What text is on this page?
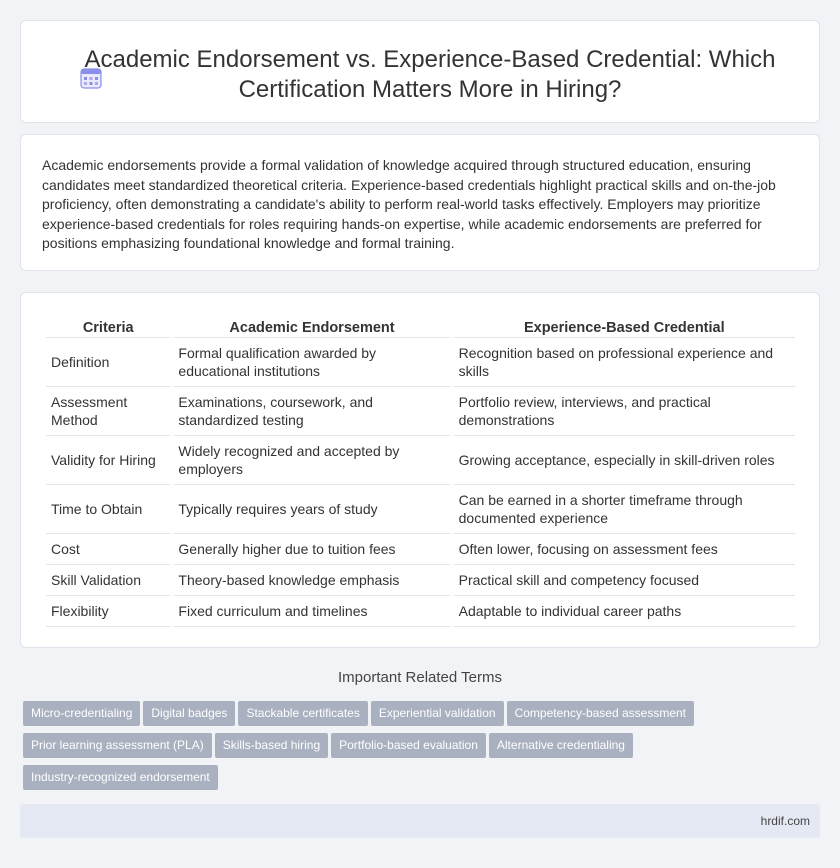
Academic Endorsement vs. Experience-Based Credential: Which Certification Matters More in Hiring?

Academic endorsements provide a formal validation of knowledge acquired through structured education, ensuring candidates meet standardized theoretical criteria. Experience-based credentials highlight practical skills and on-the-job proficiency, often demonstrating a candidate's ability to perform real-world tasks effectively. Employers may prioritize experience-based credentials for roles requiring hands-on expertise, while academic endorsements are preferred for positions emphasizing foundational knowledge and formal training.

Criteria	Academic Endorsement	Experience-Based Credential
Definition	Formal qualification awarded by educational institutions	Recognition based on professional experience and skills
Assessment Method	Examinations, coursework, and standardized testing	Portfolio review, interviews, and practical demonstrations
Validity for Hiring	Widely recognized and accepted by employers	Growing acceptance, especially in skill-driven roles
Time to Obtain	Typically requires years of study	Can be earned in a shorter timeframe through documented experience
Cost	Generally higher due to tuition fees	Often lower, focusing on assessment fees
Skill Validation	Theory-based knowledge emphasis	Practical skill and competency focused
Flexibility	Fixed curriculum and timelines	Adaptable to individual career paths
Important Related Terms
Micro-credentialing Digital badges Stackable certificates Experiential validation Competency-based assessment
Prior learning assessment (PLA) Skills-based hiring Portfolio-based evaluation Alternative credentialing
Industry-recognized endorsement
hrdif.com
